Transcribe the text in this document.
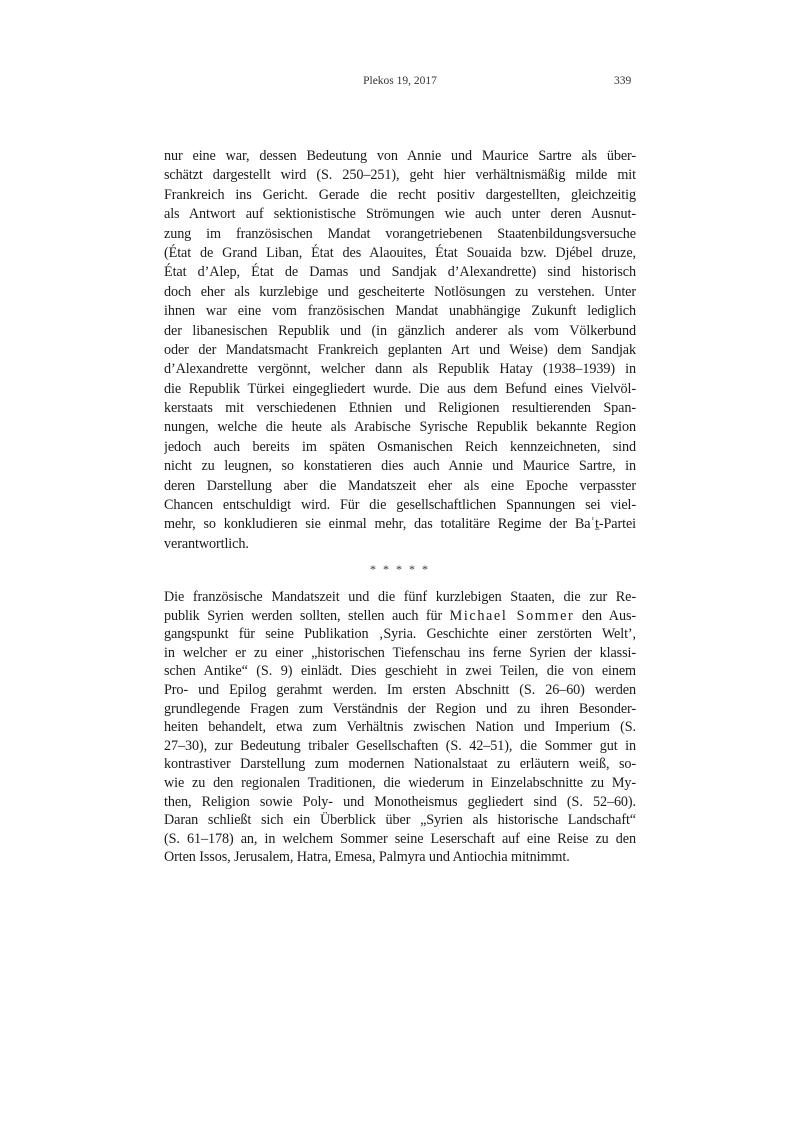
Plekos 19, 2017	339
nur eine war, dessen Bedeutung von Annie und Maurice Sartre als über-
schätzt dargestellt wird (S. 250–251), geht hier verhältnismäßig milde mit
Frankreich ins Gericht. Gerade die recht positiv dargestellten, gleichzeitig
als Antwort auf sektionistische Strömungen wie auch unter deren Ausnut-
zung im französischen Mandat vorangetriebenen Staatenbildungsversuche
(État de Grand Liban, État des Alaouites, État Souaida bzw. Djébel druze,
État d’Alep, État de Damas und Sandjak d’Alexandrette) sind historisch
doch eher als kurzlebige und gescheiterte Notlösungen zu verstehen. Unter
ihnen war eine vom französischen Mandat unabhängige Zukunft lediglich
der libanesischen Republik und (in gänzlich anderer als vom Völkerbund
oder der Mandatsmacht Frankreich geplanten Art und Weise) dem Sandjak
d’Alexandrette vergönnt, welcher dann als Republik Hatay (1938–1939) in
die Republik Türkei eingegliedert wurde. Die aus dem Befund eines Vielvöl-
kerstaats mit verschiedenen Ethnien und Religionen resultierenden Span-
nungen, welche die heute als Arabische Syrische Republik bekannte Region
jedoch auch bereits im späten Osmanischen Reich kennzeichneten, sind
nicht zu leugnen, so konstatieren dies auch Annie und Maurice Sartre, in
deren Darstellung aber die Mandatszeit eher als eine Epoche verpasster
Chancen entschuldigt wird. Für die gesellschaftlichen Spannungen sei viel-
mehr, so konkludieren sie einmal mehr, das totalitäre Regime der Baʿṯ-Partei
verantwortlich.
* * * * *
Die französische Mandatszeit und die fünf kurzlebigen Staaten, die zur Re-
publik Syrien werden sollten, stellen auch für Michael Sommer den Aus-
gangspunkt für seine Publikation ‚Syria. Geschichte einer zerstörten Welt’,
in welcher er zu einer „historischen Tiefenschau ins ferne Syrien der klassi-
schen Antike“ (S. 9) einlädt. Dies geschieht in zwei Teilen, die von einem
Pro- und Epilog gerahmt werden. Im ersten Abschnitt (S. 26–60) werden
grundlegende Fragen zum Verständnis der Region und zu ihren Besonder-
heiten behandelt, etwa zum Verhältnis zwischen Nation und Imperium (S.
27–30), zur Bedeutung tribaler Gesellschaften (S. 42–51), die Sommer gut in
kontrastiver Darstellung zum modernen Nationalstaat zu erläutern weiß, so-
wie zu den regionalen Traditionen, die wiederum in Einzelabschnitte zu My-
then, Religion sowie Poly- und Monotheismus gegliedert sind (S. 52–60).
Daran schließt sich ein Überblick über „Syrien als historische Landschaft“
(S. 61–178) an, in welchem Sommer seine Leserschaft auf eine Reise zu den
Orten Issos, Jerusalem, Hatra, Emesa, Palmyra und Antiochia mitnimmt.
